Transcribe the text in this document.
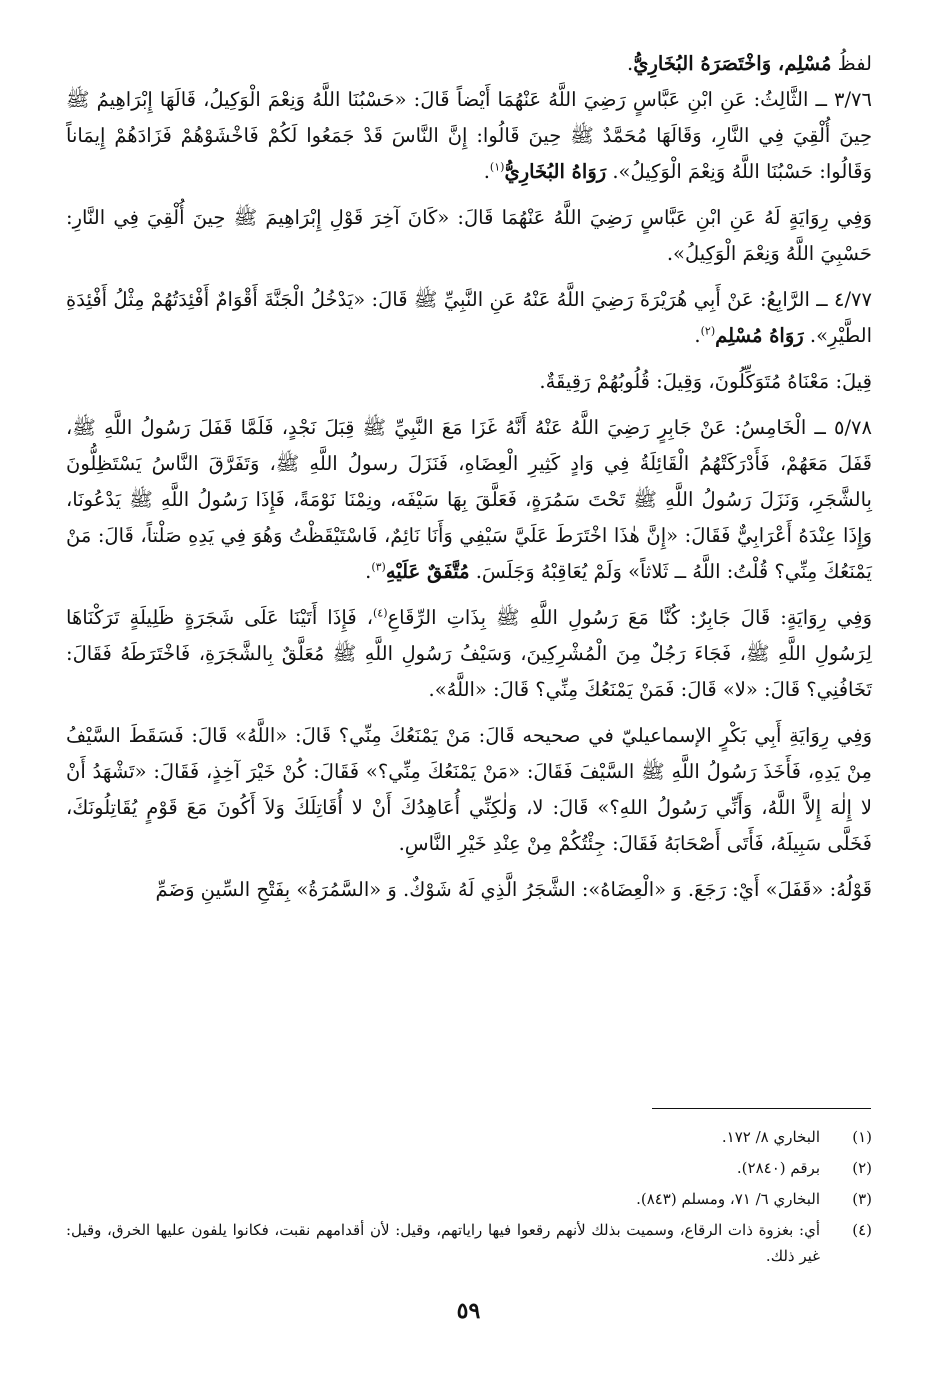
لفظُ مُسْلِم، وَاخْتَصَرَهُ البُخَارِيُّ.

٣/٧٦ ــ الثَّالِثُ: عَنِ ابْنِ عَبَّاسٍ رَضِيَ اللَّهُ عَنْهُمَا أَيْضاً قَالَ: «حَسْبُنَا اللَّهُ وَنِعْمَ الْوَكِيلُ، قَالَهَا إِبْرَاهِيمُ ﷺ حِينَ أُلْقِيَ فِي النَّارِ، وَقَالَهَا مُحَمَّدٌ ﷺ حِينَ قَالُوا: إِنَّ النَّاسَ قَدْ جَمَعُوا لَكُمْ فَاخْشَوْهُمْ فَزَادَهُمْ إِيمَاناً وَقَالُوا: حَسْبُنَا اللَّهُ وَنِعْمَ الْوَكِيلُ». رَوَاهُ البُخَارِيُّ$^{(١)}$.

وَفِي رِوَايَةٍ لَهُ عَنِ ابْنِ عَبَّاسٍ رَضِيَ اللَّهُ عَنْهُمَا قَالَ: «كَانَ آخِرَ قَوْلِ إِبْرَاهِيمَ ﷺ حِينَ أُلْقِيَ فِي النَّارِ: حَسْبِيَ اللَّهُ وَنِعْمَ الْوَكِيلُ».

٤/٧٧ ــ الرَّابِعُ: عَنْ أَبِي هُرَيْرَةَ رَضِيَ اللَّهُ عَنْهُ عَنِ النَّبِيِّ ﷺ قَالَ: «يَدْخُلُ الْجَنَّةَ أَقْوَامٌ أَفْئِدَتُهُمْ مِثْلُ أَفْئِدَةِ الطَّيْرِ». رَوَاهُ مُسْلِم$^{(٢)}$.

قِيلَ: مَعْنَاهُ مُتَوَكِّلُونَ، وَقِيلَ: قُلُوبُهُمْ رَقِيقَةٌ.

٥/٧٨ ــ الْخَامِسُ: عَنْ جَابِرٍ رَضِيَ اللَّهُ عَنْهُ أَنَّهُ غَزَا مَعَ النَّبِيِّ ﷺ قِبَلَ نَجْدٍ، فَلَمَّا قَفَلَ رَسُولُ اللَّهِ ﷺ، قَفَلَ مَعَهُمْ، فَأَدْرَكَتْهُمُ الْقَائِلَةُ فِي وَادٍ كَثِيرِ الْعِضَاهِ، فَنَزَلَ رسولُ اللَّهِ ﷺ، وَتَفَرَّقَ النَّاسُ يَسْتَظِلُّونَ بِالشَّجَرِ، وَنَزَلَ رَسُولُ اللَّهِ ﷺ تَحْتَ سَمُرَةٍ، فَعَلَّقَ بِهَا سَيْفَه، ونِمْنَا نَوْمَةً، فَإِذَا رَسُولُ اللَّهِ ﷺ يَدْعُونَا، وَإِذَا عِنْدَهُ أَعْرَابِيٌّ فَقَالَ: «إِنَّ هٰذَا اخْتَرَطَ عَلَيَّ سَيْفِي وَأَنَا نَائِمٌ، فَاسْتَيْقَظْتُ وَهُوَ فِي يَدِهِ صَلْتاً، قَالَ: مَنْ يَمْنَعُكَ مِنِّي؟ قُلْتُ: اللَّهُ ــ ثَلاثاً» وَلَمْ يُعَاقِبْهُ وَجَلَسَ. مُتَّفَقٌ عَلَيْهِ$^{(٣)}$.

وَفِي رِوَايَةٍ: قَالَ جَابِرٌ: كُنَّا مَعَ رَسُولِ اللَّهِ ﷺ بِذَاتِ الرِّقَاعِ$^{(٤)}$، فَإِذَا أَتَيْنَا عَلَى شَجَرَةٍ ظَلِيلَةٍ تَرَكْنَاهَا لِرَسُولِ اللَّهِ ﷺ، فَجَاءَ رَجُلٌ مِنَ الْمُشْرِكِينَ، وَسَيْفُ رَسُولِ اللَّهِ ﷺ مُعَلَّقٌ بِالشَّجَرَةِ، فَاخْتَرَطَهُ فَقَالَ: تَخَافُنِي؟ قَالَ: «لا» قَالَ: فَمَنْ يَمْنَعُكَ مِنِّي؟ قَالَ: «اللَّهُ».

وَفِي رِوَايَةِ أَبِي بَكْرٍ الإسماعيليّ في صحيحه قَالَ: مَنْ يَمْنَعُكَ مِنِّي؟ قَالَ: «اللَّهُ» قَالَ: فَسَقَطَ السَّيْفُ مِنْ يَدِهِ، فَأَخَذَ رَسُولُ اللَّهِ ﷺ السَّيْفَ فَقَالَ: «مَنْ يَمْنَعُكَ مِنِّي؟» فَقَالَ: كُنْ خَيْرَ آخِذٍ، فَقَالَ: «تَشْهَدُ أَنْ لا إِلٰهَ إِلاَّ اللَّهُ، وَأَنِّي رَسُولُ اللهِ؟» قَالَ: لا، وَلٰكِنِّي أُعَاهِدُكَ أَنْ لا أُقَاتِلَكَ وَلاَ أَكُونَ مَعَ قَوْمٍ يُقَاتِلُونَكَ، فَخَلَّى سَبِيلَهُ، فَأَتَى أَصْحَابَهُ فَقَالَ: جِئْتُكُمْ مِنْ عِنْدِ خَيْرِ النَّاسِ.

قَوْلُهُ: «قَفَلَ» أَيْ: رَجَعَ. وَ «الْعِضَاهُ»: الشَّجَرُ الَّذِي لَهُ شَوْكٌ. وَ «السَّمُرَةُ» بِفَتْحِ السِّينِ وَضَمِّ

(١)
البخاري ٨/ ١٧٢.
(٢)
برقم (٢٨٤٠).
(٣)
البخاري ٦/ ٧١، ومسلم (٨٤٣).
(٤)
أي: بغزوة ذات الرقاع، وسميت بذلك لأنهم رقعوا فيها راياتهم، وقيل: لأن أقدامهم نقبت، فكانوا يلفون عليها الخرق، وقيل: غير ذلك.
٥٩
